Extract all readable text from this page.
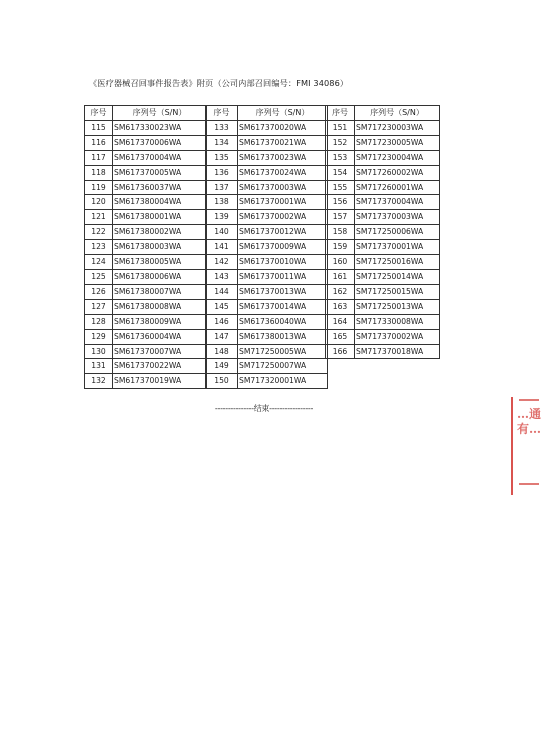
《医疗器械召回事件报告表》附页（公司内部召回编号：FMI 34086）
序号	序列号（S/N）
115	SM617330023WA
116	SM617370006WA
117	SM617370004WA
118	SM617370005WA
119	SM617360037WA
120	SM617380004WA
121	SM617380001WA
122	SM617380002WA
123	SM617380003WA
124	SM617380005WA
125	SM617380006WA
126	SM617380007WA
127	SM617380008WA
128	SM617380009WA
129	SM617360004WA
130	SM617370007WA
131	SM617370022WA
132	SM617370019WA
序号	序列号（S/N）
133	SM617370020WA
134	SM617370021WA
135	SM617370023WA
136	SM617370024WA
137	SM617370003WA
138	SM617370001WA
139	SM617370002WA
140	SM617370012WA
141	SM617370009WA
142	SM617370010WA
143	SM617370011WA
144	SM617370013WA
145	SM617370014WA
146	SM617360040WA
147	SM617380013WA
148	SM717250005WA
149	SM717250007WA
150	SM717320001WA
序号	序列号（S/N）
151	SM717230003WA
152	SM717230005WA
153	SM717230004WA
154	SM717260002WA
155	SM717260001WA
156	SM717370004WA
157	SM717370003WA
158	SM717250006WA
159	SM717370001WA
160	SM717250016WA
161	SM717250014WA
162	SM717250015WA
163	SM717250013WA
164	SM717330008WA
165	SM717370002WA
166	SM717370018WA
---------------结束-----------------	…通有…
